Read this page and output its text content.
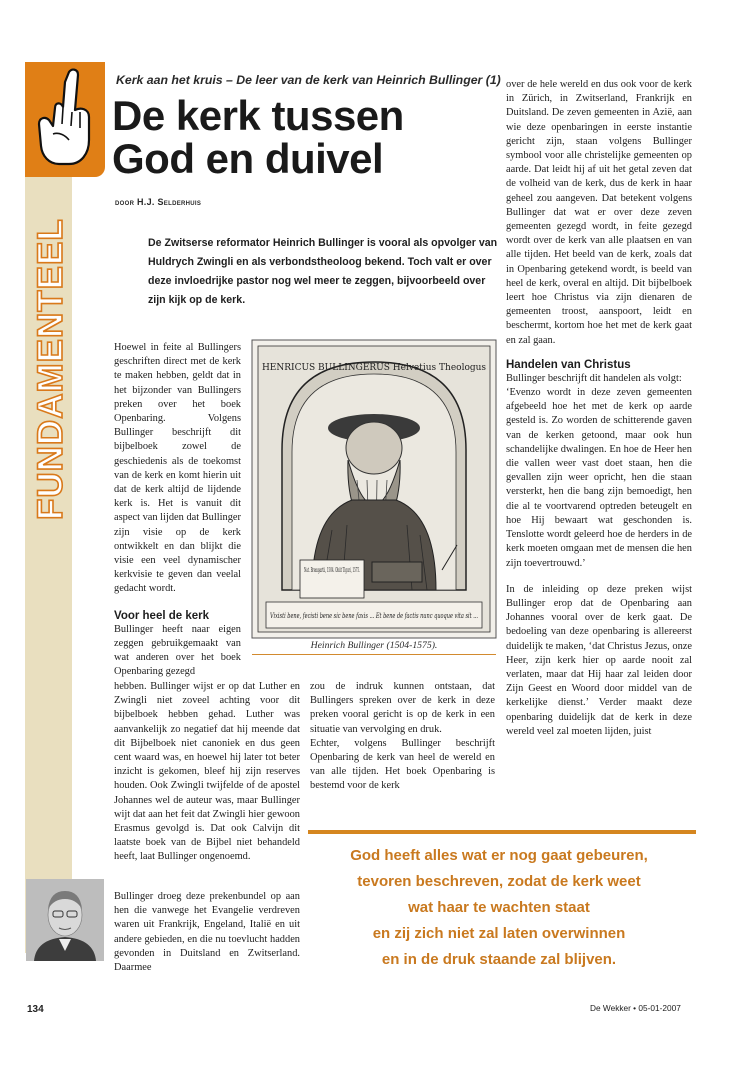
FUNDAMENTEEL
Kerk aan het kruis – De leer van de kerk van Heinrich Bullinger (1)
De kerk tussen
God en duivel
door H.J. Selderhuis
De Zwitserse reformator Heinrich Bullinger is vooral als opvolger van Huldrych Zwingli en als verbondstheoloog bekend. Toch valt er over deze invloedrijke pastor nog wel meer te zeggen, bijvoorbeeld over zijn kijk op de kerk.

Hoewel in feite al Bullingers geschriften direct met de kerk te maken hebben, geldt dat in het bijzonder van Bullingers preken over het boek Openbaring. Volgens Bullinger beschrijft dit bijbelboek zowel de geschiedenis als de toekomst van de kerk en komt hierin uit dat de kerk altijd de lijdende kerk is. Het is vanuit dit aspect van lijden dat Bullinger zijn visie op de kerk ontwikkelt en dan blijkt die visie een veel dynamischer kerkvisie te geven dan veelal gedacht wordt.

Voor heel de kerk

Bullinger heeft naar eigen zeggen gebruikgemaakt van wat anderen over het boek Openbaring gezegd

HENRICUS BULLINGERUS Helvetius Theologus
Nat. Bremgartii, 1504. Obiit Tiguri, 1575.
Vixisti bene, fecisti bene sic bene faxis ... Et bene de factis nunc quoque vita sit ...
Heinrich Bullinger (1504-1575).

hebben. Bullinger wijst er op dat Luther en Zwingli niet zoveel achting voor dit bijbelboek hebben gehad. Luther was aanvankelijk zo negatief dat hij meende dat dit Bijbelboek niet canoniek en dus geen cent waard was, en hoewel hij later tot beter inzicht is gekomen, bleef hij zijn reserves houden. Ook Zwingli twijfelde of de apostel Johannes wel de auteur was, maar Bullinger wijt dat aan het feit dat Zwingli hier gewoon Erasmus gevolgd is. Dat ook Calvijn dit laatste boek van de Bijbel niet behandeld heeft, laat Bullinger ongenoemd.

Bullinger droeg deze prekenbundel op aan hen die vanwege het Evangelie verdreven waren uit Frankrijk, Engeland, Italië en uit andere gebieden, en die nu toevlucht hadden gevonden in Duitsland en Zwitserland. Daarmee

zou de indruk kunnen ontstaan, dat Bullingers spreken over de kerk in deze preken vooral gericht is op de kerk in een situatie van vervolging en druk.
Echter, volgens Bullinger beschrijft Openbaring de kerk van heel de wereld en van alle tijden. Het boek Openbaring is bestemd voor de kerk

over de hele wereld en dus ook voor de kerk in Zürich, in Zwitserland, Frankrijk en Duitsland. De zeven gemeenten in Azië, aan wie deze openbaringen in eerste instantie gericht zijn, staan volgens Bullinger symbool voor alle christelijke gemeenten op aarde. Dat leidt hij af uit het getal zeven dat de volheid van de kerk, dus de kerk in haar geheel zou aangeven. Dat betekent volgens Bullinger dat wat er over deze zeven gemeenten gezegd wordt, in feite gezegd wordt over de kerk van alle plaatsen en van alle tijden. Het beeld van de kerk, zoals dat in Openbaring getekend wordt, is beeld van heel de kerk, overal en altijd. Dit bijbelboek leert hoe Christus via zijn dienaren de gemeenten troost, aanspoort, leidt en beschermt, kortom hoe het met de kerk gaat en zal gaan.

Handelen van Christus

Bullinger beschrijft dit handelen als volgt:

‘Evenzo wordt in deze zeven gemeenten afgebeeld hoe het met de kerk op aarde gesteld is. Zo worden de schitterende gaven van de kerken getoond, maar ook hun schandelijke dwalingen. En hoe de Heer hen die vallen weer vast doet staan, hen die gevallen zijn weer opricht, hen die staan versterkt, hen die bang zijn bemoedigt, hen die al te voortvarend optreden beteugelt en hoe Hij bewaart wat geschonden is. Tenslotte wordt geleerd hoe de herders in de kerk moeten omgaan met de mensen die hen zijn toevertrouwd.’

In de inleiding op deze preken wijst Bullinger erop dat de Openbaring aan Johannes vooral over de kerk gaat. De bedoeling van deze openbaring is allereerst duidelijk te maken, ‘dat Christus Jezus, onze Heer, zijn kerk hier op aarde nooit zal verlaten, maar dat Hij haar zal leiden door Zijn Geest en Woord door middel van de kerkelijke dienst.’ Verder maakt deze openbaring duidelijk dat de kerk in deze wereld veel zal moeten lijden, juist

God heeft alles wat er nog gaat gebeuren,
tevoren beschreven, zodat de kerk weet
wat haar te wachten staat
en zij zich niet zal laten overwinnen
en in de druk staande zal blijven.
134	De Wekker • 05-01-2007
